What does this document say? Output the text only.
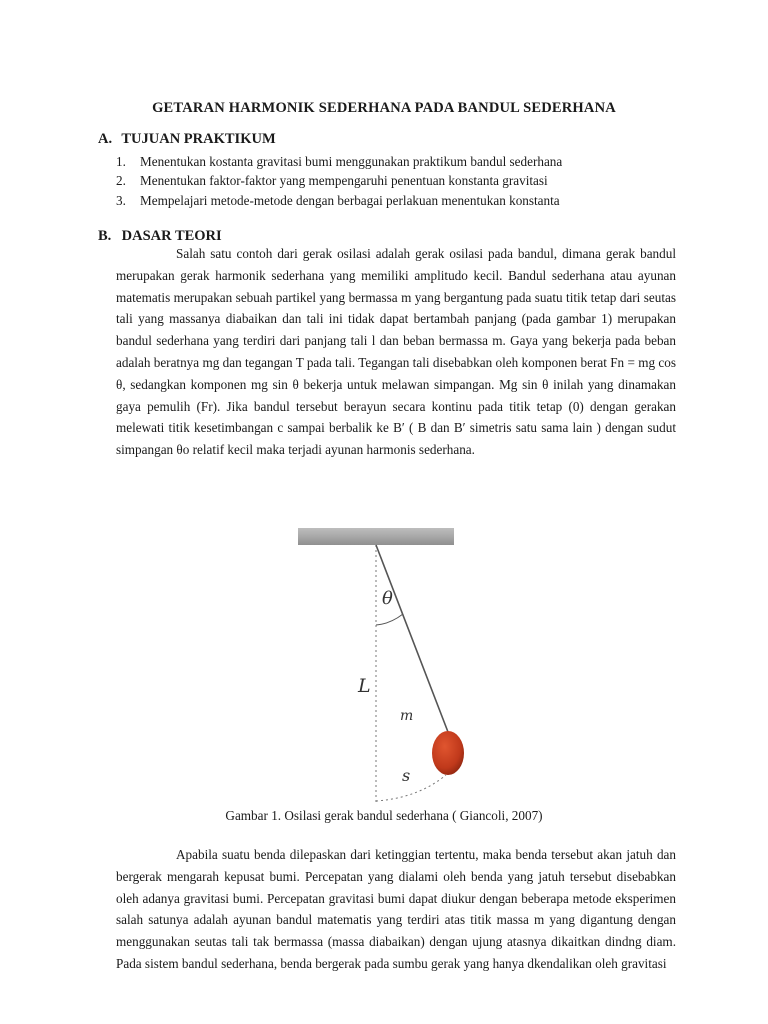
GETARAN HARMONIK SEDERHANA PADA BANDUL SEDERHANA
A. TUJUAN PRAKTIKUM
1. Menentukan kostanta gravitasi bumi menggunakan praktikum bandul sederhana
2. Menentukan faktor-faktor yang mempengaruhi penentuan konstanta gravitasi
3. Mempelajari metode-metode dengan berbagai perlakuan menentukan konstanta
B. DASAR TEORI

Salah satu contoh dari gerak osilasi adalah gerak osilasi pada bandul, dimana gerak bandul merupakan gerak harmonik sederhana yang memiliki amplitudo kecil. Bandul sederhana atau ayunan matematis merupakan sebuah partikel yang bermassa m yang bergantung pada suatu titik tetap dari seutas tali yang massanya diabaikan dan tali ini tidak dapat bertambah panjang (pada gambar 1) merupakan bandul sederhana yang terdiri dari panjang tali l dan beban bermassa m. Gaya yang bekerja pada beban adalah beratnya mg dan tegangan T pada tali. Tegangan tali disebabkan oleh komponen berat Fn = mg cos θ, sedangkan komponen mg sin θ bekerja untuk melawan simpangan. Mg sin θ inilah yang dinamakan gaya pemulih (Fr). Jika bandul tersebut berayun secara kontinu pada titik tetap (0) dengan gerakan melewati titik kesetimbangan c sampai berbalik ke B′ ( B dan B′ simetris satu sama lain ) dengan sudut simpangan θo relatif kecil maka terjadi ayunan harmonis sederhana.

θ
L
m
s
Gambar 1. Osilasi gerak bandul sederhana ( Giancoli, 2007)

Apabila suatu benda dilepaskan dari ketinggian tertentu, maka benda tersebut akan jatuh dan bergerak mengarah kepusat bumi. Percepatan yang dialami oleh benda yang jatuh tersebut disebabkan oleh adanya gravitasi bumi. Percepatan gravitasi bumi dapat diukur dengan beberapa metode eksperimen salah satunya adalah ayunan bandul matematis yang terdiri atas titik massa m yang digantung dengan menggunakan seutas tali tak bermassa (massa diabaikan) dengan ujung atasnya dikaitkan dindng diam. Pada sistem bandul sederhana, benda bergerak pada sumbu gerak yang hanya dkendalikan oleh gravitasi
